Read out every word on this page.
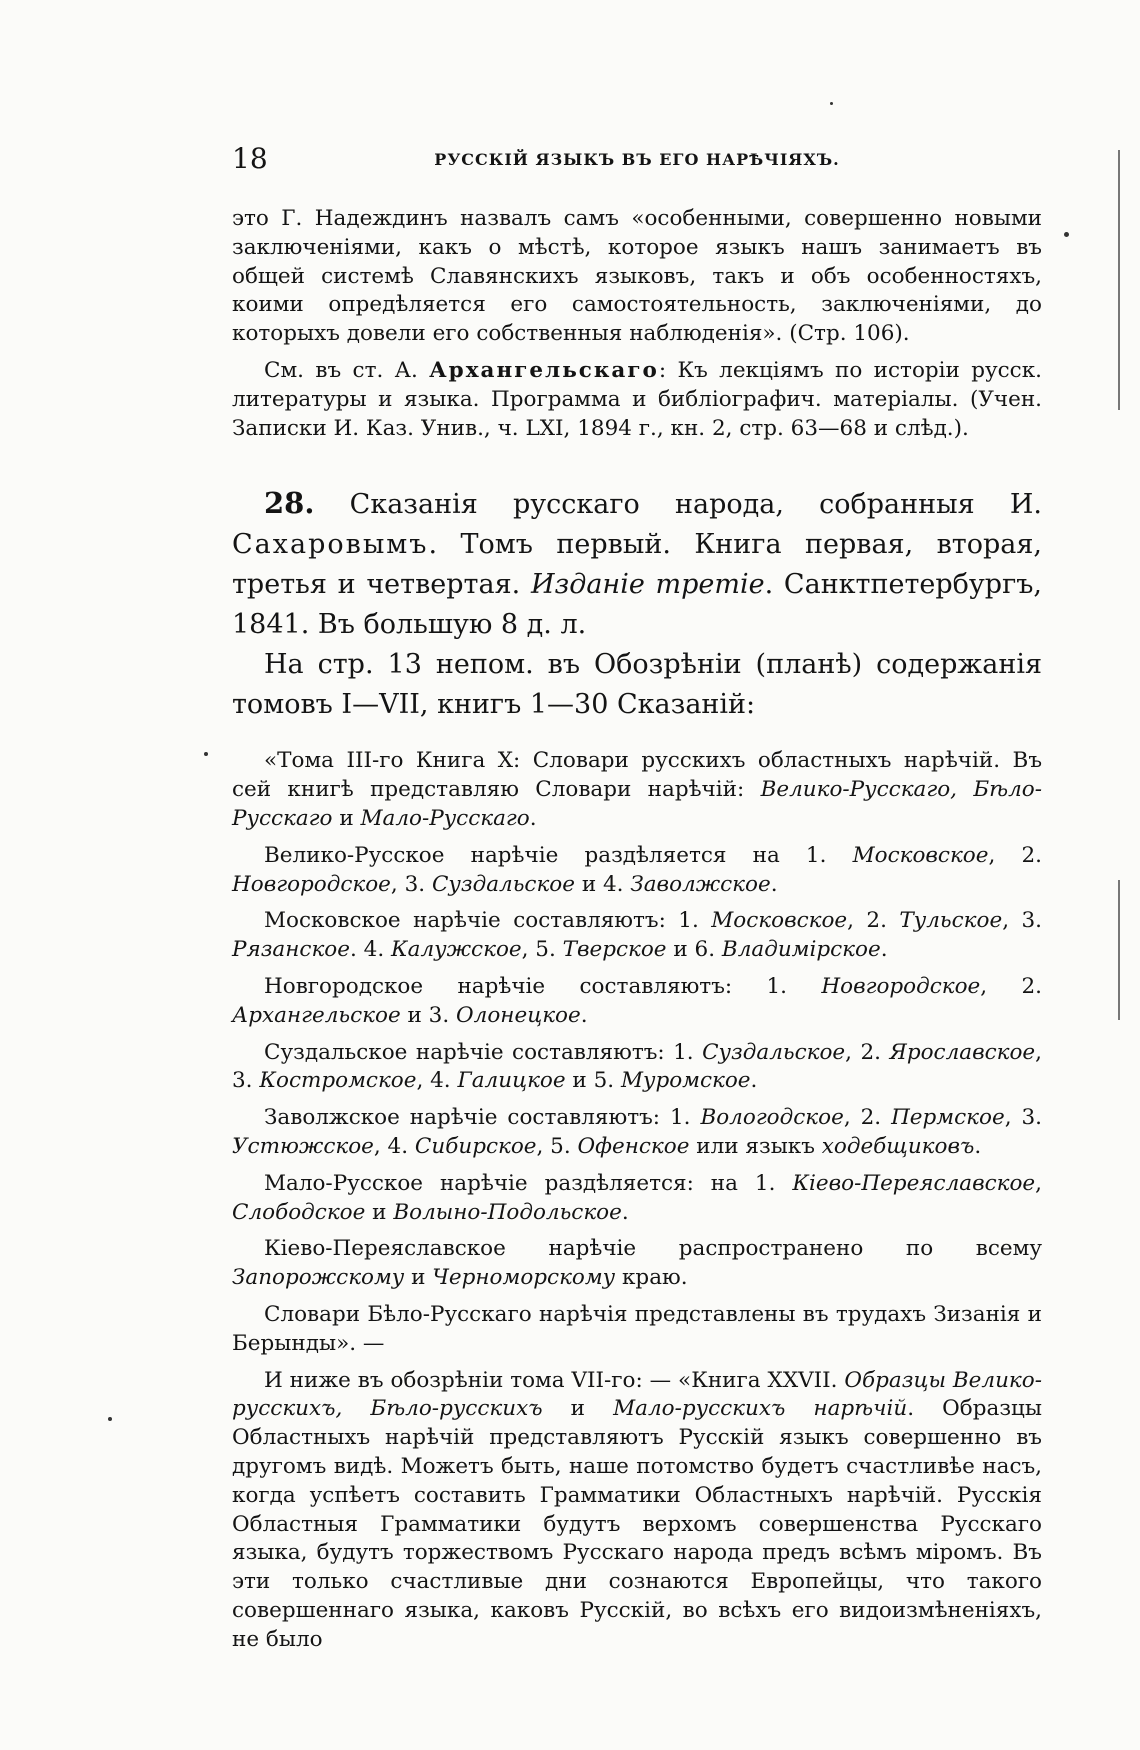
18	РУССКІЙ ЯЗЫКЪ ВЪ ЕГО НАРѢЧІЯХЪ.

это Г. Надеждинъ назвалъ самъ «особенными, совершенно новыми заключеніями, какъ о мѣстѣ, которое языкъ нашъ занимаетъ въ общей системѣ Славянскихъ языковъ, такъ и объ особенностяхъ, коими опредѣляется его самостоятельность, заключеніями, до которыхъ довели его собственныя наблюденія». (Стр. 106).

См. въ ст. А. Архангельскаго: Къ лекціямъ по исторіи русск. литературы и языка. Программа и библіографич. матеріалы. (Учен. Записки И. Каз. Унив., ч. LXI, 1894 г., кн. 2, стр. 63—68 и слѣд.).

28. Сказанія русскаго народа, собранныя И. Сахаровымъ. Томъ первый. Книга первая, вторая, третья и четвертая. Изданіе третіе. Санктпетербургъ, 1841. Въ большую 8 д. л.

На стр. 13 непом. въ Обозрѣніи (планѣ) содержанія томовъ I—VII, книгъ 1—30 Сказаній:

«Тома III-го Книга X: Словари русскихъ областныхъ нарѣчій. Въ сей книгѣ представляю Словари нарѣчій: Велико-Русскаго, Бѣло-Русскаго и Мало-Русскаго.

Велико-Русское нарѣчіе раздѣляется на 1. Московское, 2. Новгородское, 3. Суздальское и 4. Заволжское.

Московское нарѣчіе составляютъ: 1. Московское, 2. Тульское, 3. Рязанское. 4. Калужское, 5. Тверское и 6. Владимірское.

Новгородское нарѣчіе составляютъ: 1. Новгородское, 2. Архангельское и 3. Олонецкое.

Суздальское нарѣчіе составляютъ: 1. Суздальское, 2. Ярославское, 3. Костромское, 4. Галицкое и 5. Муромское.

Заволжское нарѣчіе составляютъ: 1. Вологодское, 2. Пермское, 3. Устюжское, 4. Сибирское, 5. Офенское или языкъ ходебщиковъ.

Мало-Русское нарѣчіе раздѣляется: на 1. Кіево-Переяславское, Слободское и Волыно-Подольское.

Кіево-Переяславское нарѣчіе распространено по всему Запорожскому и Черноморскому краю.

Словари Бѣло-Русскаго нарѣчія представлены въ трудахъ Зизанія и Берынды». —

И ниже въ обозрѣніи тома VII-го: — «Книга XXVII. Образцы Велико-русскихъ, Бѣло-русскихъ и Мало-русскихъ нарѣчій. Образцы Областныхъ нарѣчій представляютъ Русскій языкъ совершенно въ другомъ видѣ. Можетъ быть, наше потомство будетъ счастливѣе насъ, когда успѣетъ составить Грамматики Областныхъ нарѣчій. Русскія Областныя Грамматики будутъ верхомъ совершенства Русскаго языка, будутъ торжествомъ Русскаго народа предъ всѣмъ міромъ. Въ эти только счастливые дни сознаются Европейцы, что такого совершеннаго языка, каковъ Русскій, во всѣхъ его видоизмѣненіяхъ, не было
